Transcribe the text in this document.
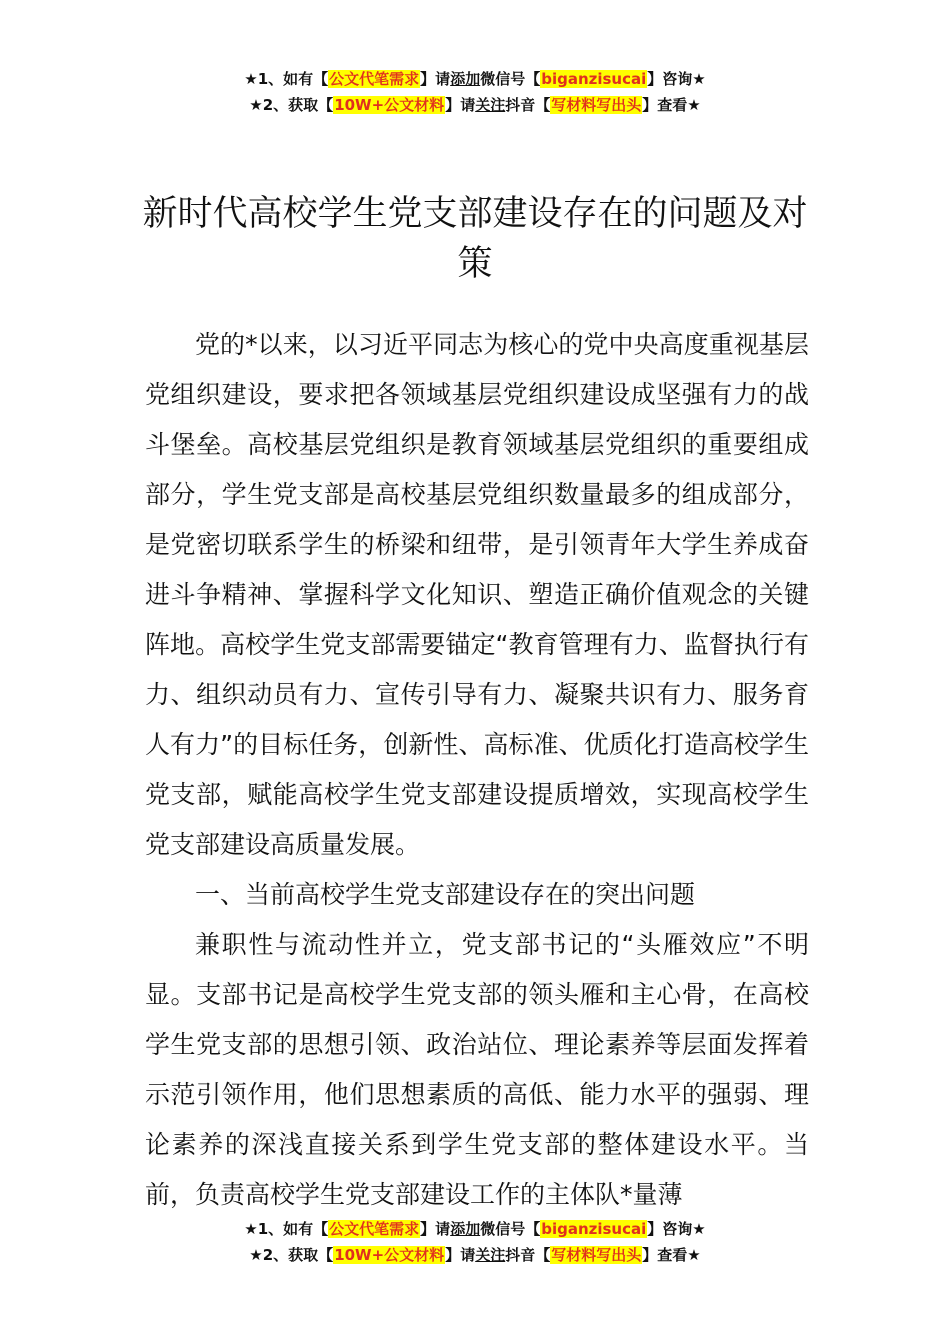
★1、如有【公文代笔需求】请添加微信号【biganzisucai】咨询★
★2、获取【10W+公文材料】请关注抖音【写材料写出头】查看★
新时代高校学生党支部建设存在的问题及对策

党的*以来，以习近平同志为核心的党中央高度重视基层党组织建设，要求把各领域基层党组织建设成坚强有力的战斗堡垒。高校基层党组织是教育领域基层党组织的重要组成部分，学生党支部是高校基层党组织数量最多的组成部分，是党密切联系学生的桥梁和纽带，是引领青年大学生养成奋进斗争精神、掌握科学文化知识、塑造正确价值观念的关键阵地。高校学生党支部需要锚定“教育管理有力、监督执行有力、组织动员有力、宣传引导有力、凝聚共识有力、服务育人有力”的目标任务，创新性、高标准、优质化打造高校学生党支部，赋能高校学生党支部建设提质增效，实现高校学生党支部建设高质量发展。

一、当前高校学生党支部建设存在的突出问题

兼职性与流动性并立，党支部书记的“头雁效应”不明显。支部书记是高校学生党支部的领头雁和主心骨，在高校学生党支部的思想引领、政治站位、理论素养等层面发挥着示范引领作用，他们思想素质的高低、能力水平的强弱、理论素养的深浅直接关系到学生党支部的整体建设水平。当前，负责高校学生党支部建设工作的主体队*量薄

★1、如有【公文代笔需求】请添加微信号【biganzisucai】咨询★
★2、获取【10W+公文材料】请关注抖音【写材料写出头】查看★
